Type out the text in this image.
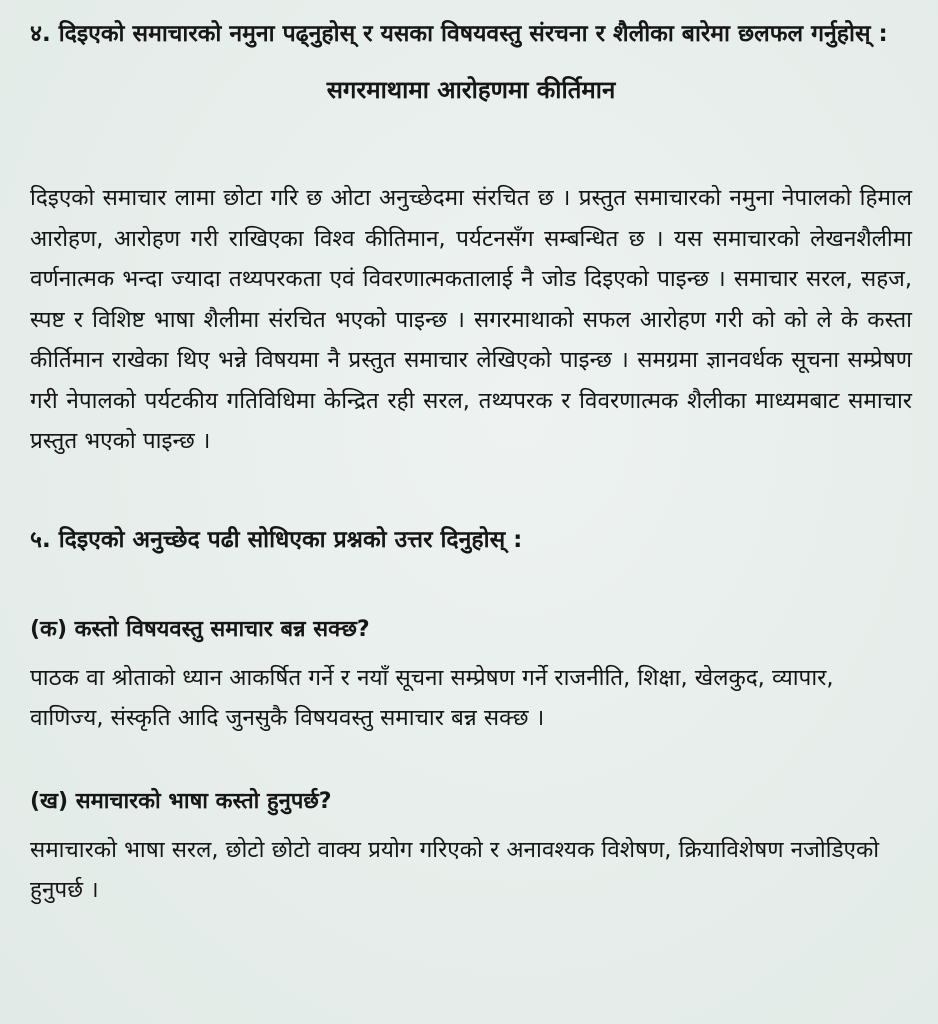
४. दिइएको समाचारको नमुना पढ्नुहोस् र यसका विषयवस्तु संरचना र शैलीका बारेमा छलफल गर्नुहोस् :

सगरमाथामा आरोहणमा कीर्तिमान

दिइएको समाचार लामा छोटा गरि छ ओटा अनुच्छेदमा संरचित छ । प्रस्तुत समाचारको नमुना नेपालको हिमाल आरोहण, आरोहण गरी राखिएका विश्व कीतिमान, पर्यटनसँग सम्बन्धित छ । यस समाचारको लेखनशैलीमा वर्णनात्मक भन्दा ज्यादा तथ्यपरकता एवं विवरणात्मकतालाई नै जोड दिइएको पाइन्छ । समाचार सरल, सहज, स्पष्ट र विशिष्ट भाषा शैलीमा संरचित भएको पाइन्छ । सगरमाथाको सफल आरोहण गरी को को ले के कस्ता कीर्तिमान राखेका थिए भन्ने विषयमा नै प्रस्तुत समाचार लेखिएको पाइन्छ । समग्रमा ज्ञानवर्धक सूचना सम्प्रेषण गरी नेपालको पर्यटकीय गतिविधिमा केन्द्रित रही सरल, तथ्यपरक र विवरणात्मक शैलीका माध्यमबाट समाचार प्रस्तुत भएको पाइन्छ ।

५. दिइएको अनुच्छेद पढी सोधिएका प्रश्नको उत्तर दिनुहोस् :

(क) कस्तो विषयवस्तु समाचार बन्न सक्छ?

पाठक वा श्रोताको ध्यान आकर्षित गर्ने र नयाँ सूचना सम्प्रेषण गर्ने राजनीति, शिक्षा, खेलकुद, व्यापार, वाणिज्य, संस्कृति आदि जुनसुकै विषयवस्तु समाचार बन्न सक्छ ।

(ख) समाचारको भाषा कस्तो हुनुपर्छ?

समाचारको भाषा सरल, छोटो छोटो वाक्य प्रयोग गरिएको र अनावश्यक विशेषण, क्रियाविशेषण नजोडिएको हुनुपर्छ ।
